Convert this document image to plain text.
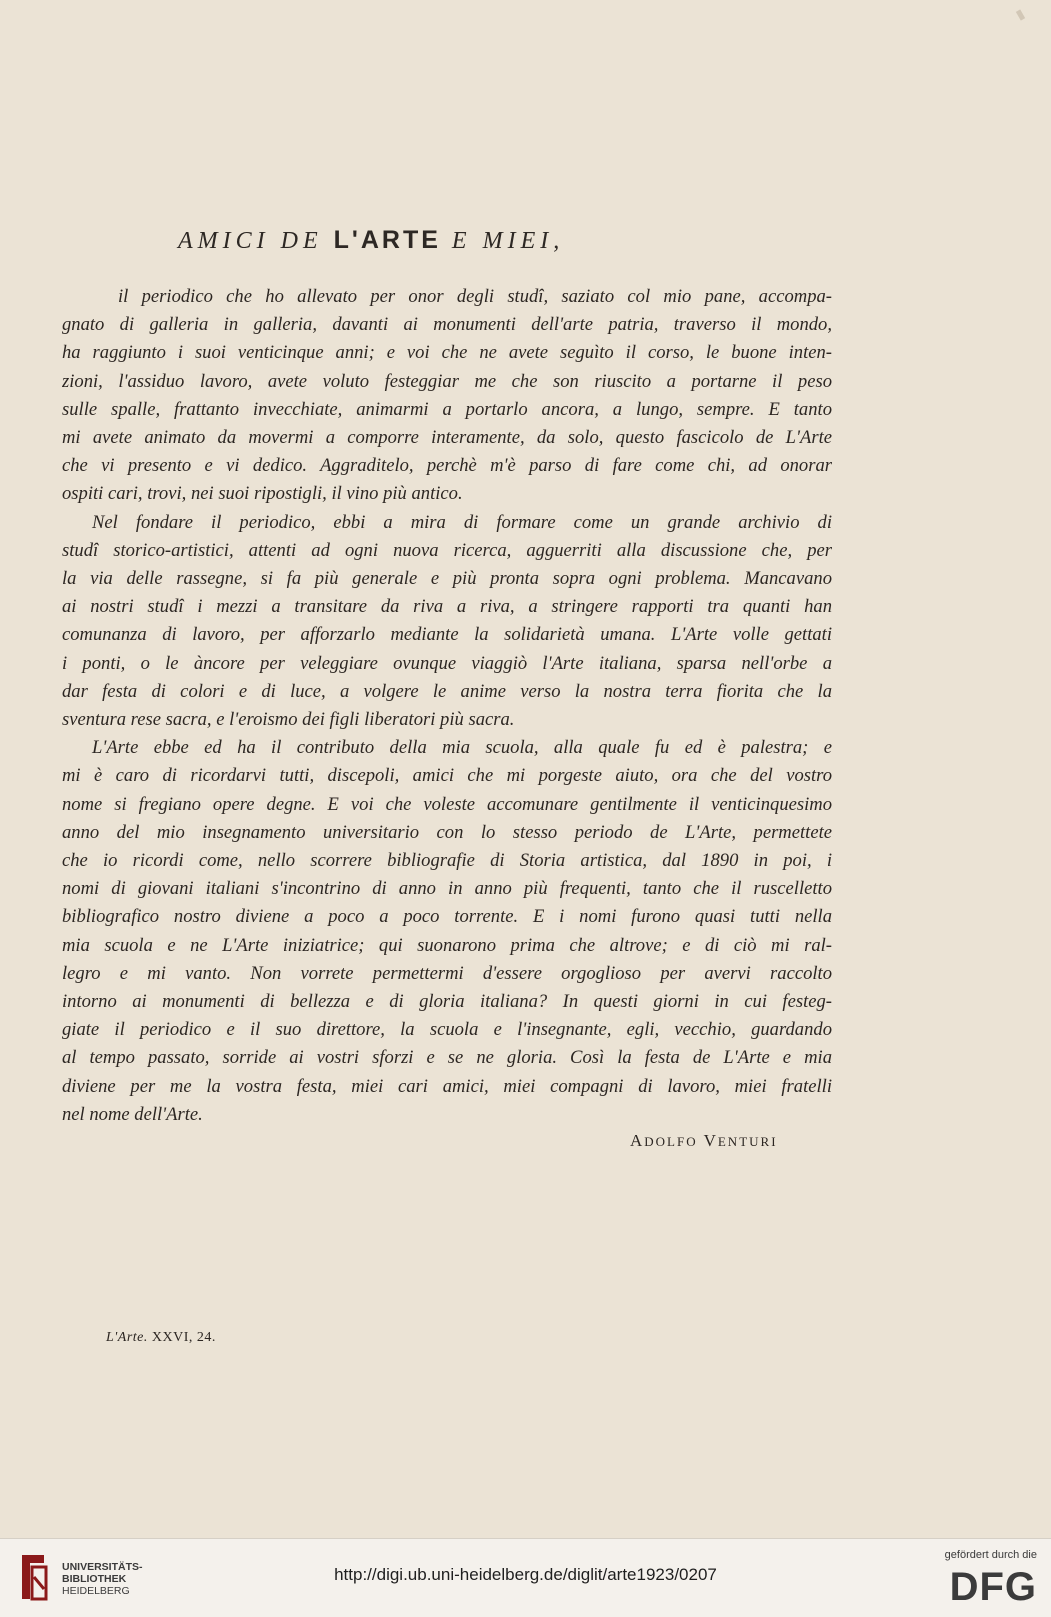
AMICI DE L'ARTE E MIEI,
il periodico che ho allevato per onor degli studî, saziato col mio pane, accompa-
gnato di galleria in galleria, davanti ai monumenti dell'arte patria, traverso il mondo,
ha raggiunto i suoi venticinque anni; e voi che ne avete seguìto il corso, le buone inten-
zioni, l'assiduo lavoro, avete voluto festeggiar me che son riuscito a portarne il peso
sulle spalle, frattanto invecchiate, animarmi a portarlo ancora, a lungo, sempre. E tanto
mi avete animato da movermi a comporre interamente, da solo, questo fascicolo de L'Arte
che vi presento e vi dedico. Aggraditelo, perchè m'è parso di fare come chi, ad onorar
ospiti cari, trovi, nei suoi ripostigli, il vino più antico.
Nel fondare il periodico, ebbi a mira di formare come un grande archivio di
studî storico-artistici, attenti ad ogni nuova ricerca, agguerriti alla discussione che, per
la via delle rassegne, si fa più generale e più pronta sopra ogni problema. Mancavano
ai nostri studî i mezzi a transitare da riva a riva, a stringere rapporti tra quanti han
comunanza di lavoro, per afforzarlo mediante la solidarietà umana. L'Arte volle gettati
i ponti, o le àncore per veleggiare ovunque viaggiò l'Arte italiana, sparsa nell'orbe a
dar festa di colori e di luce, a volgere le anime verso la nostra terra fiorita che la
sventura rese sacra, e l'eroismo dei figli liberatori più sacra.
L'Arte ebbe ed ha il contributo della mia scuola, alla quale fu ed è palestra; e
mi è caro di ricordarvi tutti, discepoli, amici che mi porgeste aiuto, ora che del vostro
nome si fregiano opere degne. E voi che voleste accomunare gentilmente il venticinquesimo
anno del mio insegnamento universitario con lo stesso periodo de L'Arte, permettete
che io ricordi come, nello scorrere bibliografie di Storia artistica, dal 1890 in poi, i
nomi di giovani italiani s'incontrino di anno in anno più frequenti, tanto che il ruscelletto
bibliografico nostro diviene a poco a poco torrente. E i nomi furono quasi tutti nella
mia scuola e ne L'Arte iniziatrice; qui suonarono prima che altrove; e di ciò mi ral-
legro e mi vanto. Non vorrete permettermi d'essere orgoglioso per avervi raccolto
intorno ai monumenti di bellezza e di gloria italiana? In questi giorni in cui festeg-
giate il periodico e il suo direttore, la scuola e l'insegnante, egli, vecchio, guardando
al tempo passato, sorride ai vostri sforzi e se ne gloria. Così la festa de L'Arte e mia
diviene per me la vostra festa, miei cari amici, miei compagni di lavoro, miei fratelli
nel nome dell'Arte.
ADOLFO VENTURI
L'Arte. XXVI, 24.
UNIVERSITÄTS-
BIBLIOTHEK
HEIDELBERG
http://digi.ub.uni-heidelberg.de/diglit/arte1923/0207
gefördert durch die
DFG
